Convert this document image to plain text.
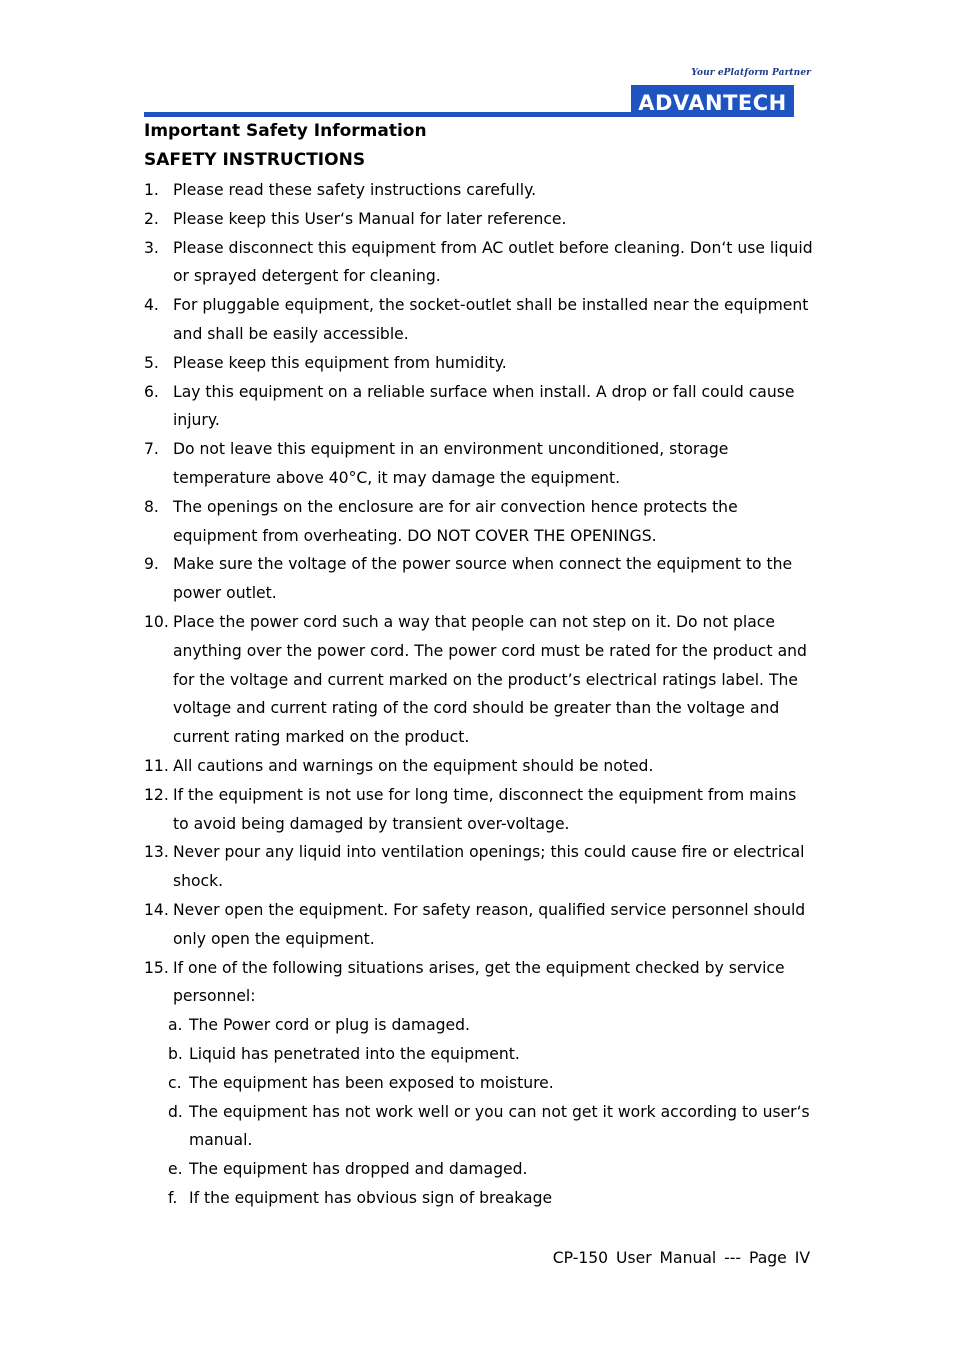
Your ePlatform Partner
ADVANTECH
Important Safety Information
SAFETY INSTRUCTIONS
1. Please read these safety instructions carefully.
2. Please keep this User‘s Manual for later reference.
3. Please disconnect this equipment from AC outlet before cleaning. Don‘t use liquid or sprayed detergent for cleaning.
4. For pluggable equipment, the socket-outlet shall be installed near the equipment and shall be easily accessible.
5. Please keep this equipment from humidity.
6. Lay this equipment on a reliable surface when install. A drop or fall could cause injury.
7. Do not leave this equipment in an environment unconditioned, storage temperature above 40°C, it may damage the equipment.
8. The openings on the enclosure are for air convection hence protects the equipment from overheating. DO NOT COVER THE OPENINGS.
9. Make sure the voltage of the power source when connect the equipment to the power outlet.
10. Place the power cord such a way that people can not step on it. Do not place anything over the power cord. The power cord must be rated for the product and for the voltage and current marked on the product’s electrical ratings label. The voltage and current rating of the cord should be greater than the voltage and current rating marked on the product.
11. All cautions and warnings on the equipment should be noted.
12. If the equipment is not use for long time, disconnect the equipment from mains to avoid being damaged by transient over-voltage.
13. Never pour any liquid into ventilation openings; this could cause fire or electrical shock.
14. Never open the equipment. For safety reason, qualified service personnel should only open the equipment.
15. If one of the following situations arises, get the equipment checked by service personnel:
a. The Power cord or plug is damaged.
b. Liquid has penetrated into the equipment.
c. The equipment has been exposed to moisture.
d. The equipment has not work well or you can not get it work according to user‘s manual.
e. The equipment has dropped and damaged.
f. If the equipment has obvious sign of breakage
CP-150 User Manual --- Page IV
